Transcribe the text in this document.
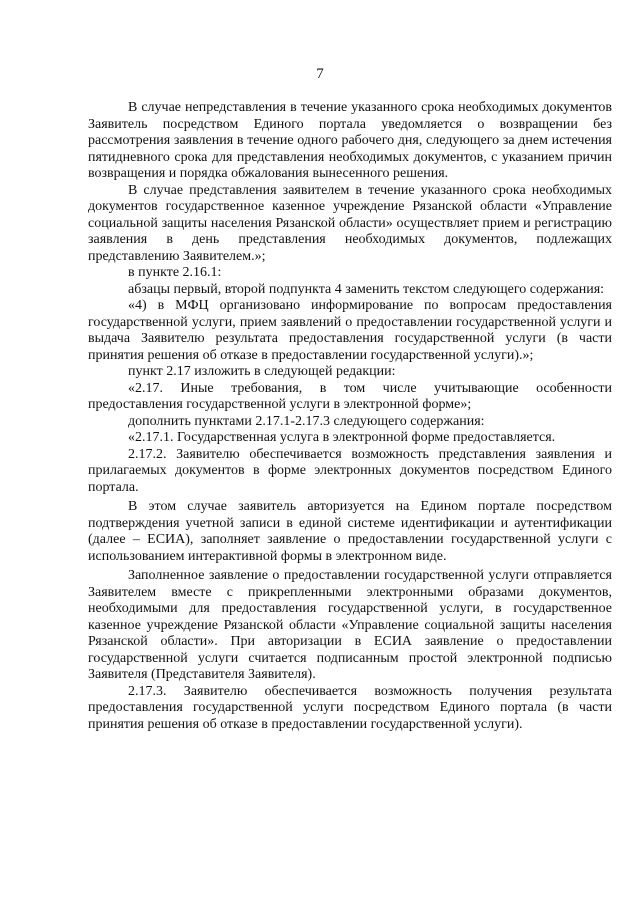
7

В случае непредставления в течение указанного срока необходимых документов Заявитель посредством Единого портала уведомляется о возвращении без рассмотрения заявления в течение одного рабочего дня, следующего за днем истечения пятидневного срока для представления необходимых документов, с указанием причин возвращения и порядка обжалования вынесенного решения.

В случае представления заявителем в течение указанного срока необходимых документов государственное казенное учреждение Рязанской области «Управление социальной защиты населения Рязанской области» осуществляет прием и регистрацию заявления в день представления необходимых документов, подлежащих представлению Заявителем.»;

в пункте 2.16.1:

абзацы первый, второй подпункта 4 заменить текстом следующего содержания:

«4) в МФЦ организовано информирование по вопросам предоставления государственной услуги, прием заявлений о предоставлении государственной услуги и выдача Заявителю результата предоставления государственной услуги (в части принятия решения об отказе в предоставлении государственной услуги).»;

пункт 2.17 изложить в следующей редакции:

«2.17. Иные требования, в том числе учитывающие особенности предоставления государственной услуги в электронной форме»;

дополнить пунктами 2.17.1-2.17.3 следующего содержания:

«2.17.1. Государственная услуга в электронной форме предоставляется.

2.17.2. Заявителю обеспечивается возможность представления заявления и прилагаемых документов в форме электронных документов посредством Единого портала.

В этом случае заявитель авторизуется на Едином портале посредством подтверждения учетной записи в единой системе идентификации и аутентификации (далее – ЕСИА), заполняет заявление о предоставлении государственной услуги с использованием интерактивной формы в электронном виде.

Заполненное заявление о предоставлении государственной услуги отправляется Заявителем вместе с прикрепленными электронными образами документов, необходимыми для предоставления государственной услуги, в государственное казенное учреждение Рязанской области «Управление социальной защиты населения Рязанской области». При авторизации в ЕСИА заявление о предоставлении государственной услуги считается подписанным простой электронной подписью Заявителя (Представителя Заявителя).

2.17.3. Заявителю обеспечивается возможность получения результата предоставления государственной услуги посредством Единого портала (в части принятия решения об отказе в предоставлении государственной услуги).
